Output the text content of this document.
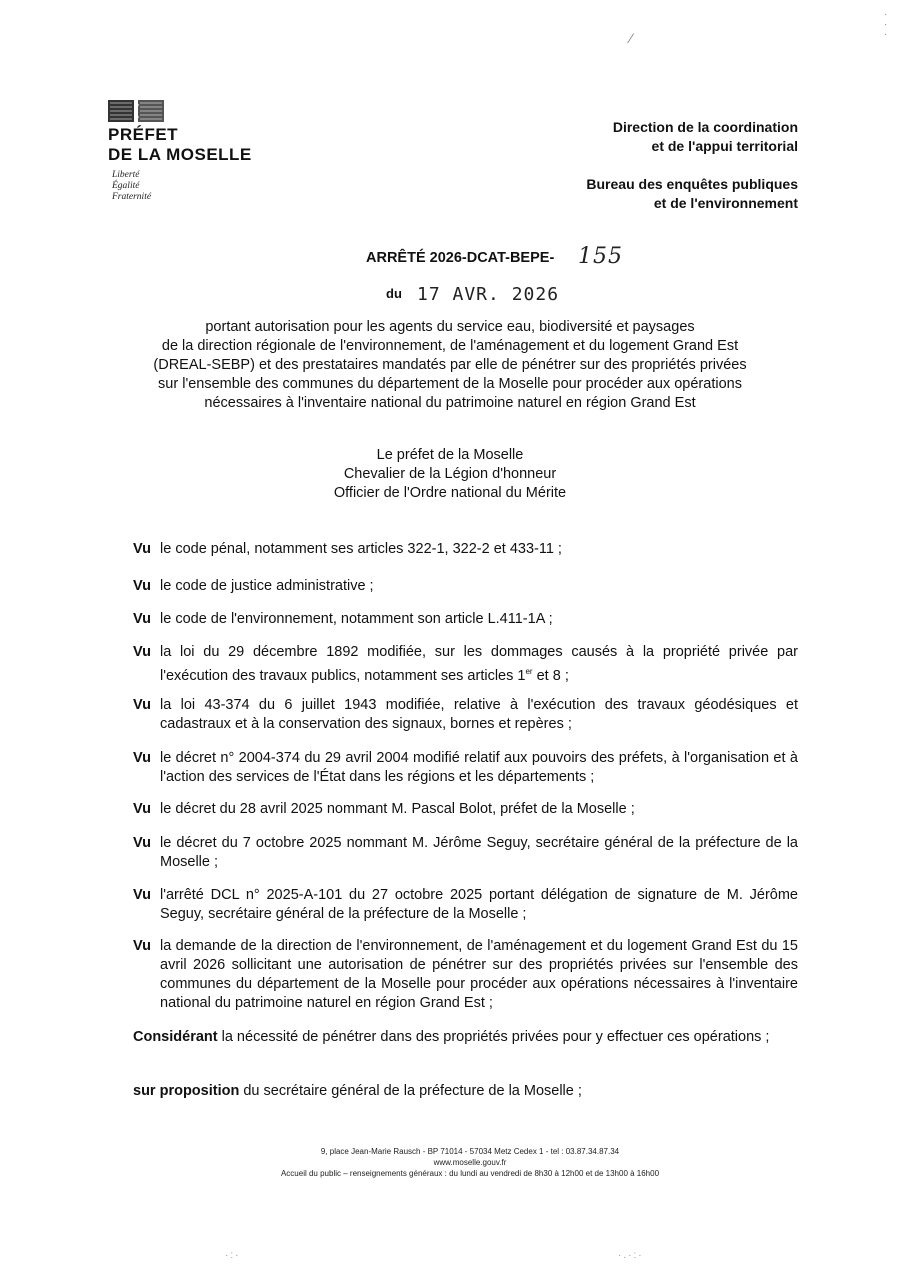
⁄
·
·
·
PRÉFET
DE LA MOSELLE
Liberté
Égalité
Fraternité
Direction de la coordination
et de l'appui territorial
Bureau des enquêtes publiques
et de l'environnement
ARRÊTÉ 2026-DCAT-BEPE- 155
du 17 AVR. 2026
portant autorisation pour les agents du service eau, biodiversité et paysages
de la direction régionale de l'environnement, de l'aménagement et du logement Grand Est
(DREAL-SEBP) et des prestataires mandatés par elle de pénétrer sur des propriétés privées
sur l'ensemble des communes du département de la Moselle pour procéder aux opérations
nécessaires à l'inventaire national du patrimoine naturel en région Grand Est
Le préfet de la Moselle
Chevalier de la Légion d'honneur
Officier de l'Ordre national du Mérite
Vu le code pénal, notamment ses articles 322-1, 322-2 et 433-11 ;
Vu le code de justice administrative ;
Vu le code de l'environnement, notamment son article L.411-1A ;
Vu la loi du 29 décembre 1892 modifiée, sur les dommages causés à la propriété privée par l'exécution des travaux publics, notamment ses articles 1er et 8 ;
Vu la loi 43-374 du 6 juillet 1943 modifiée, relative à l'exécution des travaux géodésiques et cadastraux et à la conservation des signaux, bornes et repères ;
Vu le décret n° 2004-374 du 29 avril 2004 modifié relatif aux pouvoirs des préfets, à l'organisation et à l'action des services de l'État dans les régions et les départements ;
Vu le décret du 28 avril 2025 nommant M. Pascal Bolot, préfet de la Moselle ;
Vu le décret du 7 octobre 2025 nommant M. Jérôme Seguy, secrétaire général de la préfecture de la Moselle ;
Vu l'arrêté DCL n° 2025-A-101 du 27 octobre 2025 portant délégation de signature de M. Jérôme Seguy, secrétaire général de la préfecture de la Moselle ;
Vu la demande de la direction de l'environnement, de l'aménagement et du logement Grand Est du 15 avril 2026 sollicitant une autorisation de pénétrer sur des propriétés privées sur l'ensemble des communes du département de la Moselle pour procéder aux opérations nécessaires à l'inventaire national du patrimoine naturel en région Grand Est ;
Considérant la nécessité de pénétrer dans des propriétés privées pour y effectuer ces opérations ;
sur proposition du secrétaire général de la préfecture de la Moselle ;
9, place Jean-Marie Rausch - BP 71014 - 57034 Metz Cedex 1 - tel : 03.87.34.87.34
www.moselle.gouv.fr
Accueil du public – renseignements généraux : du lundi au vendredi de 8h30 à 12h00 et de 13h00 à 16h00
·:·	·.·:·
